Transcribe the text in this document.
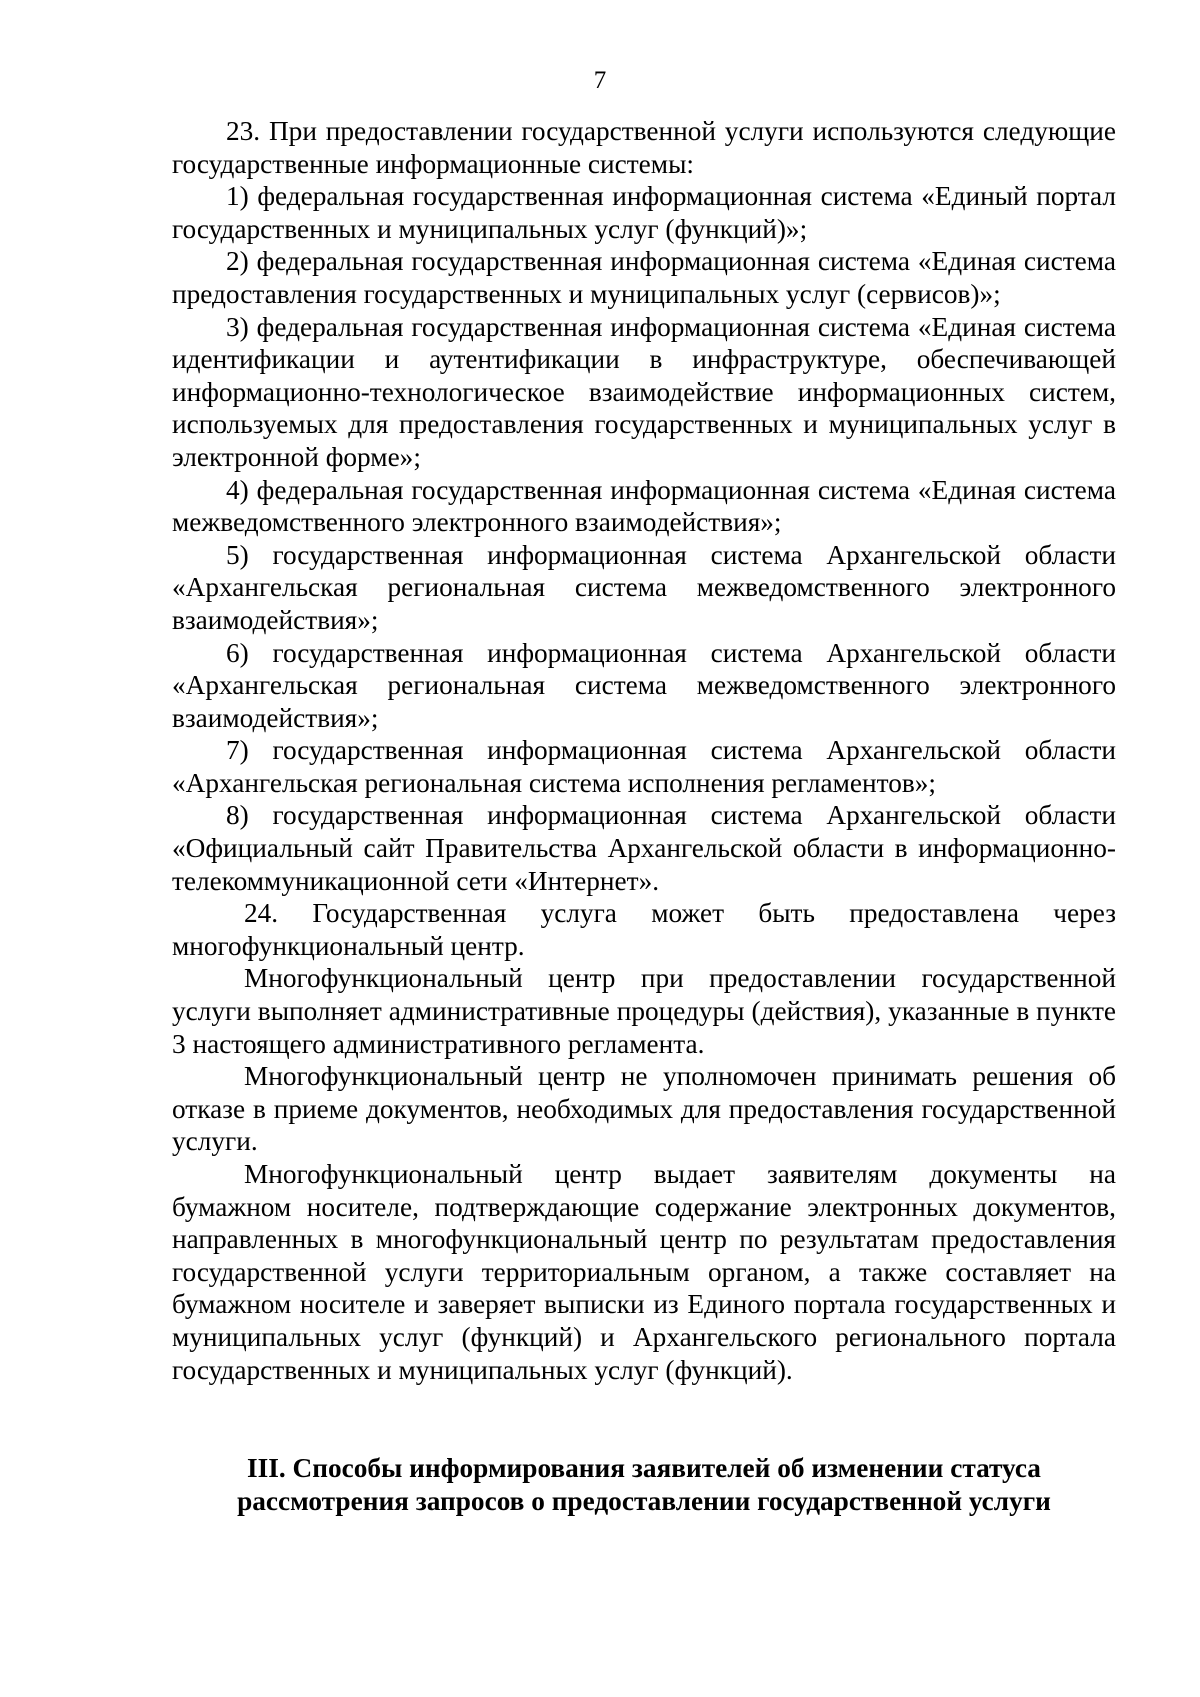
7

23. При предоставлении государственной услуги используются следующие государственные информационные системы:

1) федеральная государственная информационная система «Единый портал государственных и муниципальных услуг (функций)»;

2) федеральная государственная информационная система «Единая система предоставления государственных и муниципальных услуг (сервисов)»;

3) федеральная государственная информационная система «Единая система идентификации и аутентификации в инфраструктуре, обеспечивающей информационно-технологическое взаимодействие информационных систем, используемых для предоставления государственных и муниципальных услуг в электронной форме»;

4) федеральная государственная информационная система «Единая система межведомственного электронного взаимодействия»;

5) государственная информационная система Архангельской области «Архангельская региональная система межведомственного электронного взаимодействия»;

6) государственная информационная система Архангельской области «Архангельская региональная система межведомственного электронного взаимодействия»;

7) государственная информационная система Архангельской области «Архангельская региональная система исполнения регламентов»;

8) государственная информационная система Архангельской области «Официальный сайт Правительства Архангельской области в информационно-телекоммуникационной сети «Интернет».

24. Государственная услуга может быть предоставлена через многофункциональный центр.

Многофункциональный центр при предоставлении государственной услуги выполняет административные процедуры (действия), указанные в пункте 3 настоящего административного регламента.

Многофункциональный центр не уполномочен принимать решения об отказе в приеме документов, необходимых для предоставления государственной услуги.

Многофункциональный центр выдает заявителям документы на бумажном носителе, подтверждающие содержание электронных документов, направленных в многофункциональный центр по результатам предоставления государственной услуги территориальным органом, а также составляет на бумажном носителе и заверяет выписки из Единого портала государственных и муниципальных услуг (функций) и Архангельского регионального портала государственных и муниципальных услуг (функций).

III. Способы информирования заявителей об изменении статуса
рассмотрения запросов о предоставлении государственной услуги
